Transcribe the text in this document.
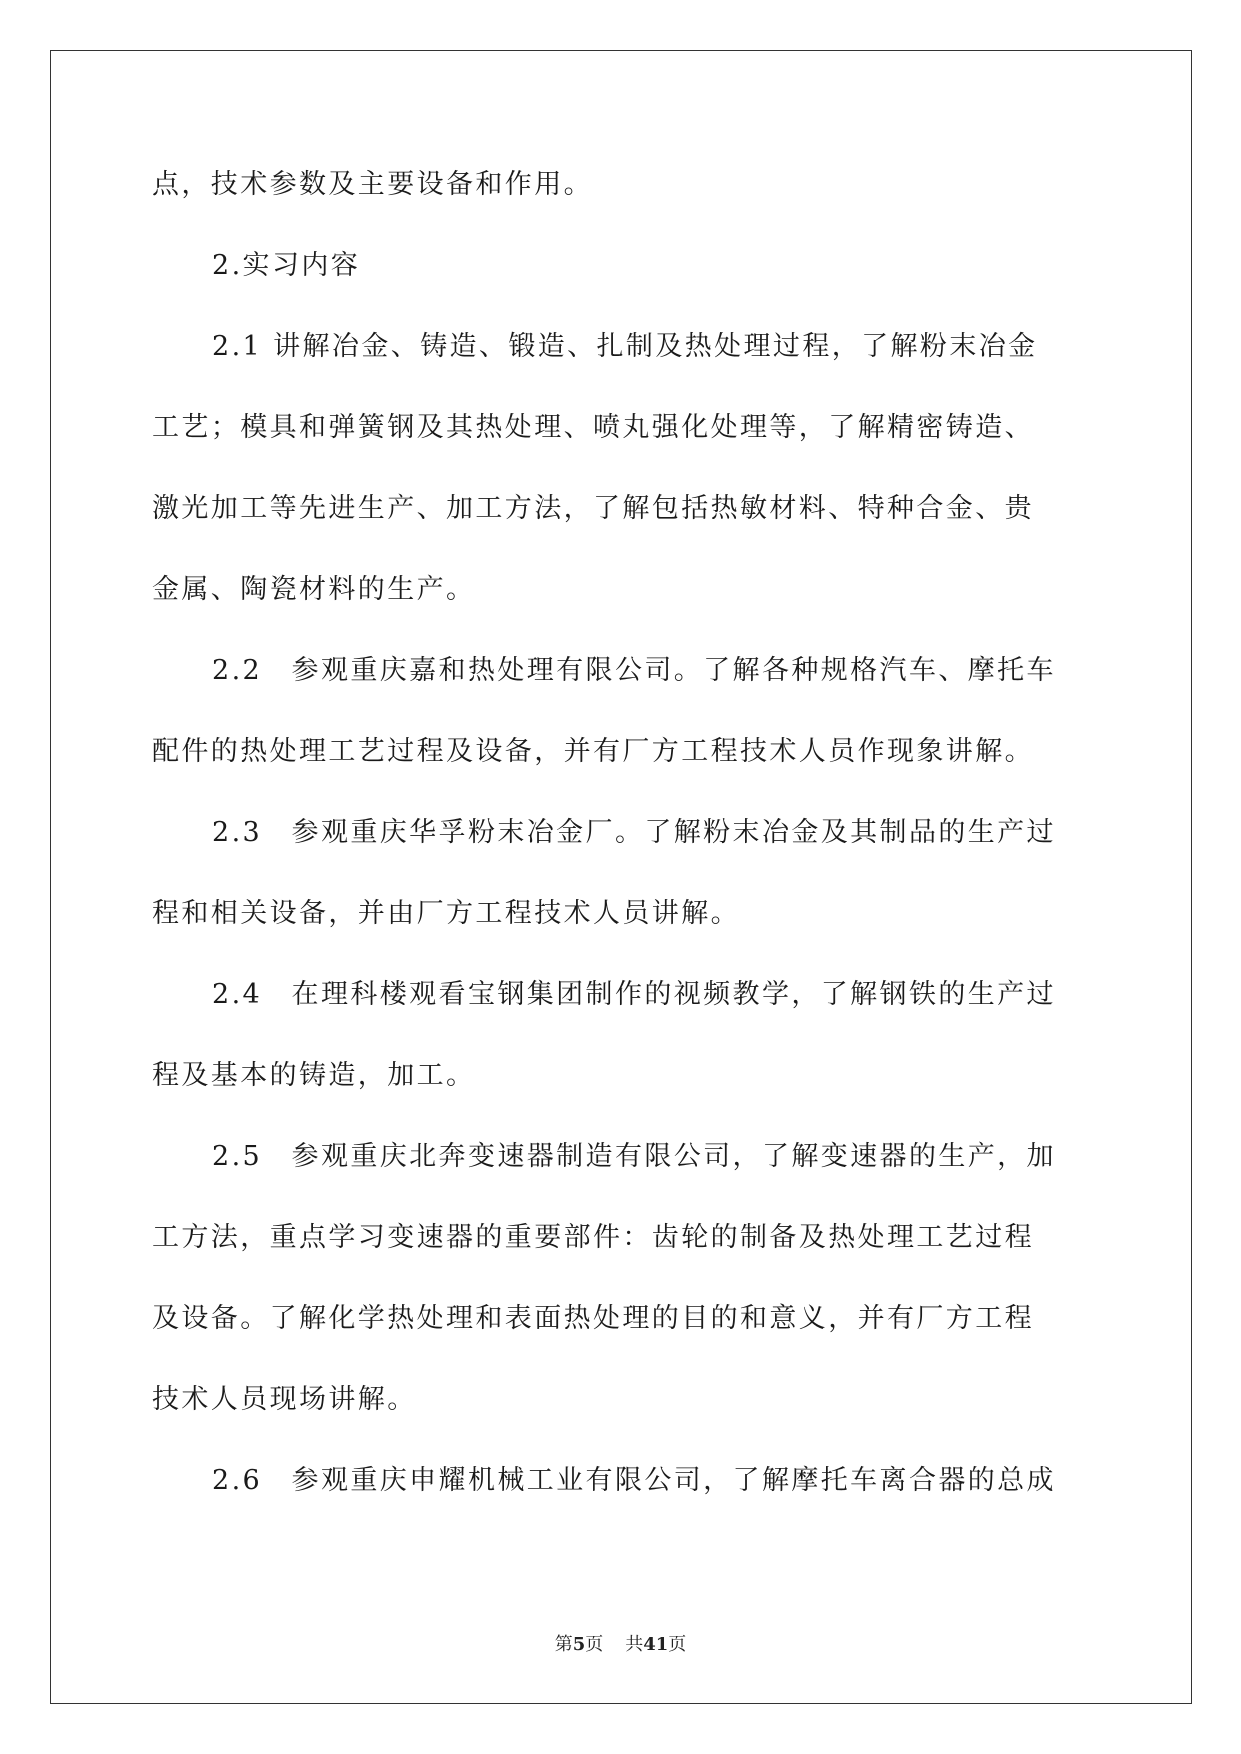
点，技术参数及主要设备和作用。
2.实习内容
2.1 讲解冶金、铸造、锻造、扎制及热处理过程，了解粉末冶金
工艺；模具和弹簧钢及其热处理、喷丸强化处理等，了解精密铸造、
激光加工等先进生产、加工方法，了解包括热敏材料、特种合金、贵
金属、陶瓷材料的生产。
2.2　参观重庆嘉和热处理有限公司。了解各种规格汽车、摩托车
配件的热处理工艺过程及设备，并有厂方工程技术人员作现象讲解。
2.3　参观重庆华孚粉末冶金厂。了解粉末冶金及其制品的生产过
程和相关设备，并由厂方工程技术人员讲解。
2.4　在理科楼观看宝钢集团制作的视频教学，了解钢铁的生产过
程及基本的铸造，加工。
2.5　参观重庆北奔变速器制造有限公司，了解变速器的生产，加
工方法，重点学习变速器的重要部件：齿轮的制备及热处理工艺过程
及设备。了解化学热处理和表面热处理的目的和意义，并有厂方工程
技术人员现场讲解。
2.6　参观重庆申耀机械工业有限公司，了解摩托车离合器的总成
第5页 共41页
